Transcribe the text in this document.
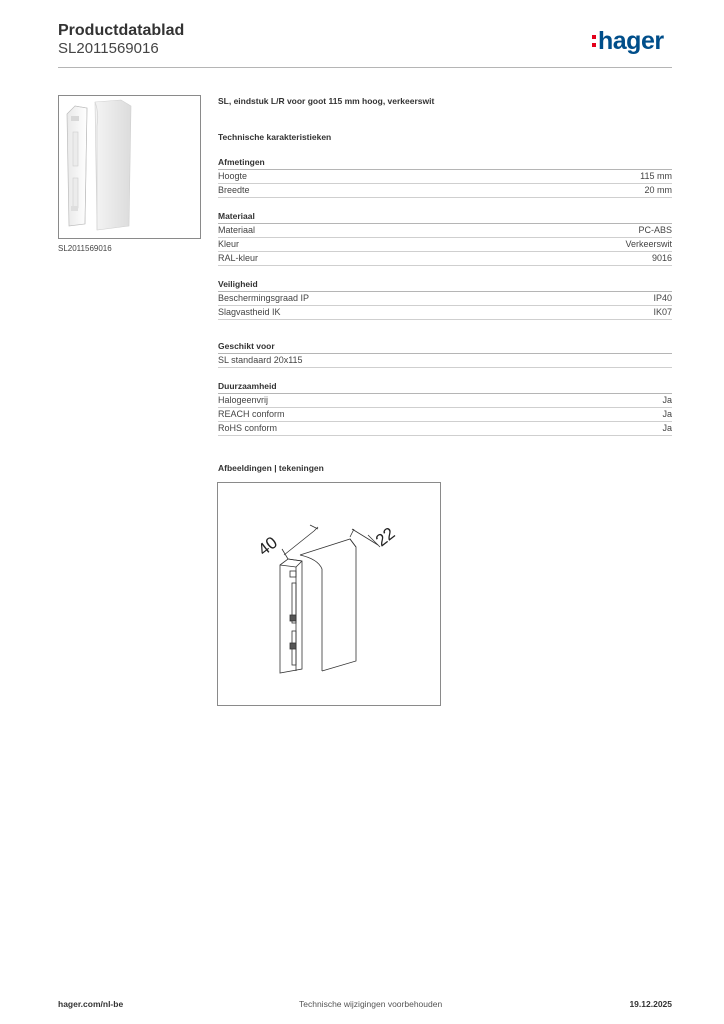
Productdatablad
SL2011569016	hager
SL2011569016
SL, eindstuk L/R voor goot 115 mm hoog, verkeerswit
Technische karakteristieken
Afmetingen
Hoogte	115 mm
Breedte	20 mm
Materiaal
Materiaal	PC-ABS
Kleur	Verkeerswit
RAL-kleur	9016
Veiligheid
Beschermingsgraad IP	IP40
Slagvastheid IK	IK07
Geschikt voor
SL standaard 20x115
Duurzaamheid
Halogeenvrij	Ja
REACH conform	Ja
RoHS conform	Ja
Afbeeldingen | tekeningen
40	22
hager.com/nl-be	Technische wijzigingen voorbehouden	19.12.2025
